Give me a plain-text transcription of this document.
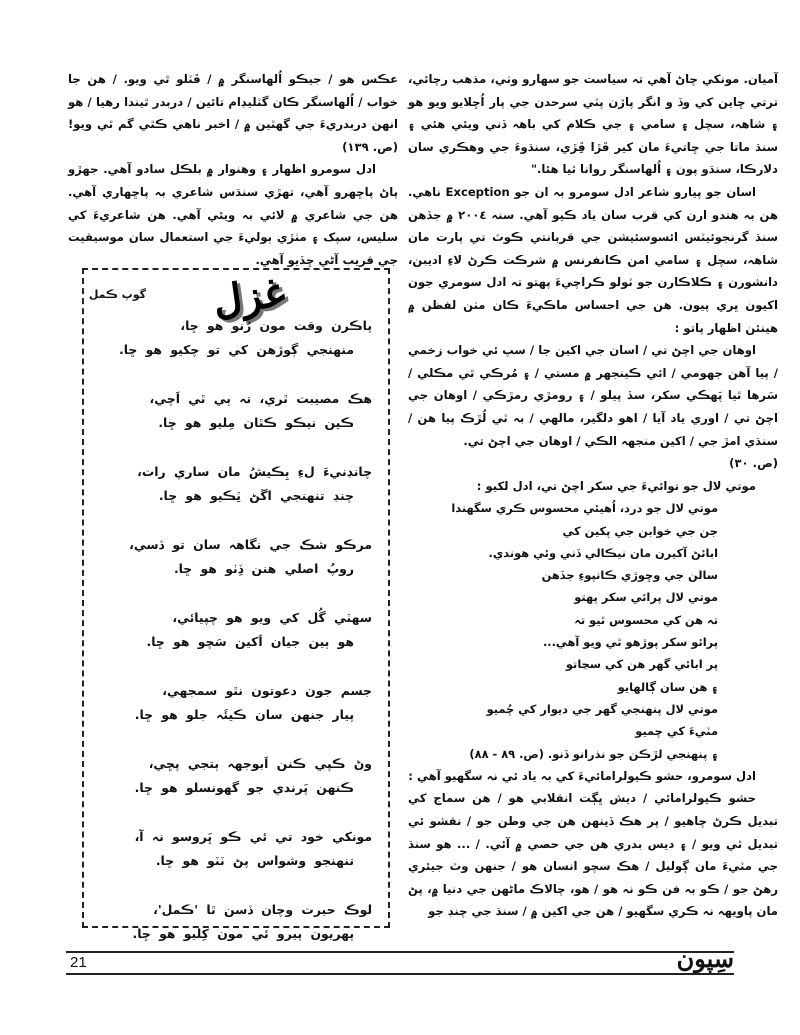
آميان. مونکي چاڻ آهي تہ سياست جو سهارو وٺي، مذهب رچائي، ترتي ڇاين کي وڏ و انگر پاڙن پٽي سرحدن جي پار اُڇلايو ويو هو ۽ شاهہ، سچل ۽ سامي ۽ جي ڪلام کي باهہ ڏني ويئي هئي ۽ سنڌ ماتا جي ڇاتيءَ مان کير ڦڙا ڦِڙي، سنڌوءَ جي وهڪري سان دلارڪا، سنڌو پون ۽ اُلهاسنگر روانا ٿيا هئا."

اسان جو پيارو شاعر ادل سومرو بہ ان جو Exception ناهي. هن بہ هندو ارن کي قرب سان ياد ڪيو آهي. سنہ ٢٠٠٤ ۾ جڏهن سنڌ گرنجوئيٽس ائسوسئيشن جي قربانتي ڪوٽ تي پارت مان شاهہ، سچل ۽ سامي امن ڪانفرنس ۾ شرڪت ڪرڻ لاءِ اديبن، دانشورن ۽ ڪلاڪارن جو ٽولو ڪراچيءَ پهتو تہ ادل سومري جون اکيون ڀري پيون. هن جي احساس ماڪيءَ ڪان مٺن لفظن ۾ هينئن اظهار پاتو :

اوهان جي اچڻ تي / اسان جي اکين جا / سپ ئي خواب زخمي / پيا آهن جهومي / ائي ڪينجهر ۾ مستي / ۽ مُرڪي ٿي مڪلي / سَرها ٿيا پَهڪي سکر، سڏ پيلو / ۽ رومڙي رمڙڪي / اوهان جي اچڻ تي / اوري ياد آيا / اهو دلگير، مالهي / بہ ٽي لُڙڪ پيا هن / سنڌي امڙ جي / اکين منجهہ الڪي / اوهان جي اچڻ تي.

(ص. ٣٠)

موتي لال جو توائيءَ جي سکر اچڻ تي، ادل لکيو :

موتي لال جو درد، اُهيئي محسوس ڪري سگهندا

جن جي خوابن جي پکين کي

ابائڻ آکيرن مان نيڪالي ڏني وئي هوندي.

سالن جي وڇوڙي ڪانپوءِ جڏهن

موتي لال پرائي سکر پهتو

تہ هن کي محسوس ٿيو تہ

پرائو سکر پوڙهو ٿي ويو آهي...

پر ابائي گهر هن کي سڃاتو

۽ هن سان ڳالهايو

موتي لال پنهنجي گهر جي ديوار کي چُميو

مٽيءَ کي چميو

۽ پنهنجي لڙڪن جو نذرانو ڏنو. (ص. ٨٩ - ٨٨)

ادل سومرو، حشو ڪيولرامائيءَ کي بہ ياد ئي نہ سگهيو آهي :

حشو ڪيولرامائي / ديش ڀڳت انقلابي هو / هن سماج کي تبديل ڪرڻ چاهيو / پر هڪ ڏينهن هن جي وطن جو / نقشو ئي تبديل ٿي ويو / ۽ ديس بدري هن جي حصي ۾ آئي. / ... هو سنڌ جي مٽيءَ مان ڳوليل / هڪ سچو انسان هو / جنهن وٽ جيئري رهڻ جو / ڪو بہ فن ڪو نہ هو / هو، چالاڪ ماڻهن جي دنيا ۾، پڻ مان پاويهہ نہ ڪري سگهيو / هن جي اکين ۾ / سنڌ جي چنڊ جو

عڪس هو / جيڪو اُلهاسنگر ۾ / ڦٽلو ٿي ويو. / هن جا خواب / اُلهاسنگر ڪان گٽليڊام تائين / دربدر ٿيندا رهيا / هو انهن دربدريءَ جي گهٽين ۾ / اخبر ناهي ڪٿي گم ٿي ويو! (ص. ١٣٩)

ادل سومرو اظهار ۽ وهنوار ۾ بلڪل سادو آهي. جهڙو پاڻ پاڇهرو آهي، تهڙي سنڌس شاعري بہ پاڇهاري آهي. هن جي شاعري ۾ لائي بہ ويئي آهي. هن شاعريءَ کي سليس، سپک ۽ مٺڙي ٻوليءَ جي استعمال سان موسيقيت جي قريب آڻي ڇڏيو آهي.

غزل
گوپ ڪمل
پاڪرن وقت مون رُنو هو ڇا،
منهنجي ڳوڙهن کي تو چکيو هو ڇا.
هڪ مصيبت ٿري، تہ ٻي ٿي اَچي،
ڪين نيڪو ڪٿان مِليو هو ڇا.
چانڊنيءَ لءِ بِڪيشُ مان ساري رات،
چنڊ تنهنجي اڱڻ ٽِڪيو هو ڇا.
مرڪو شڪ جي نگاهہ سان تو ڏسي،
روپُ اصلي هنن ڏِٺو هو ڇا.
سهٽي گُل کي ويو هو چپيائي،
هو ٻين جيان اَکين سَچو هو ڇا.
جسم جون دعوتون نٿو سمجهي،
پيار جنهن سان ڪيئَہ جلو هو ڇا.
وڻ ڪپي ڪنن اَبوجهہ ٻتجي پڇي،
ڪنهن پَرندي جو گهونسلو هو ڇا.
مونکي خود تي ئي ڪو ڀَروسو نہ آ،
تنهنجو وشواس پڻ ٽٽو هو ڇا.
لوڪ حيرت وچان ڏسن ٿا 'ڪمل'،
پهريون پيرو ئي مون کِليو هو ڇا.
21	سِپون
